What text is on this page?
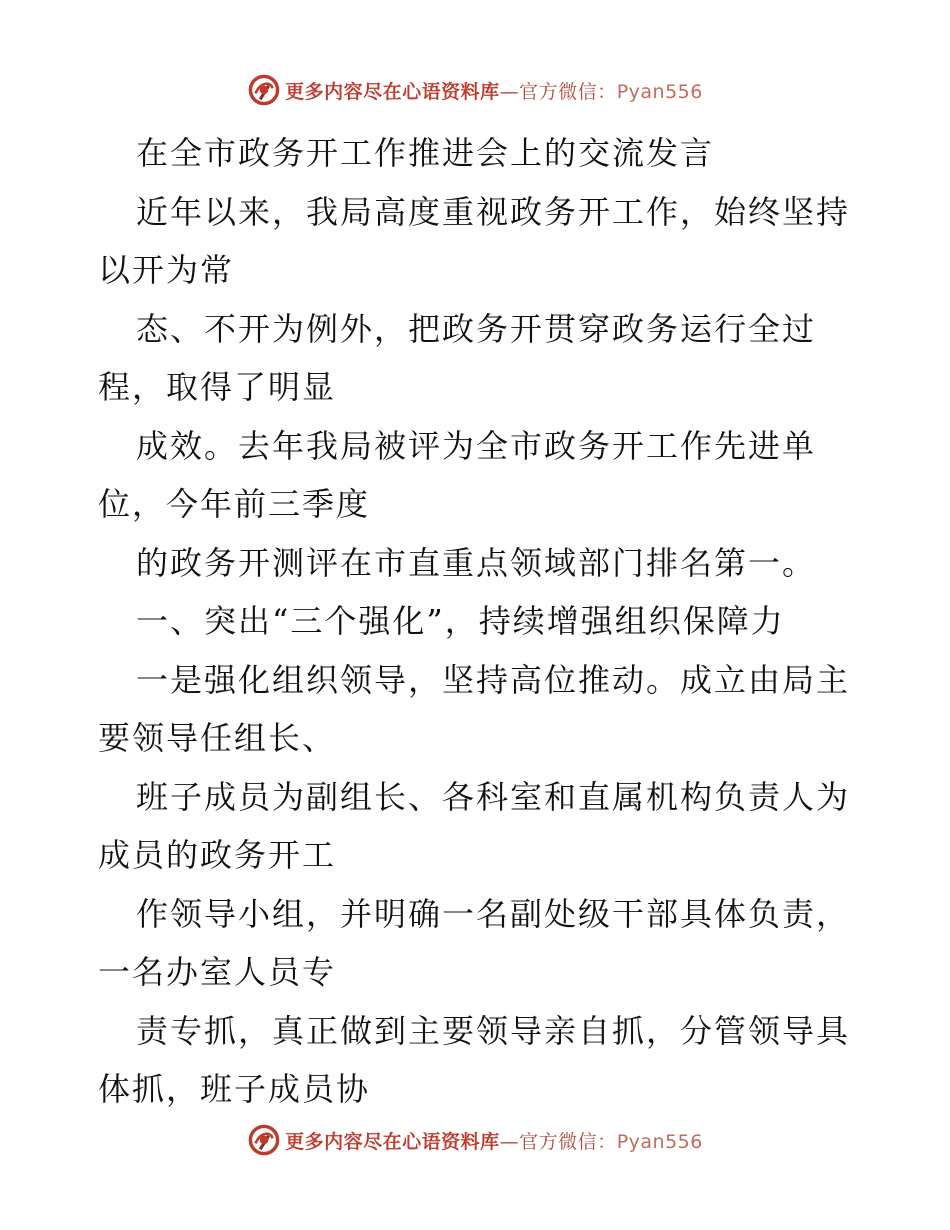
更多内容尽在心语资料库—官方微信：Pyan556
在全市政务开工作推进会上的交流发言
近年以来，我局高度重视政务开工作，始终坚持
以开为常
态、不开为例外，把政务开贯穿政务运行全过
程，取得了明显
成效。去年我局被评为全市政务开工作先进单
位，今年前三季度
的政务开测评在市直重点领域部门排名第一。
一、突出“三个强化”，持续增强组织保障力
一是强化组织领导，坚持高位推动。成立由局主
要领导任组长、
班子成员为副组长、各科室和直属机构负责人为
成员的政务开工
作领导小组，并明确一名副处级干部具体负责，
一名办室人员专
责专抓，真正做到主要领导亲自抓，分管领导具
体抓，班子成员协
更多内容尽在心语资料库—官方微信：Pyan556
